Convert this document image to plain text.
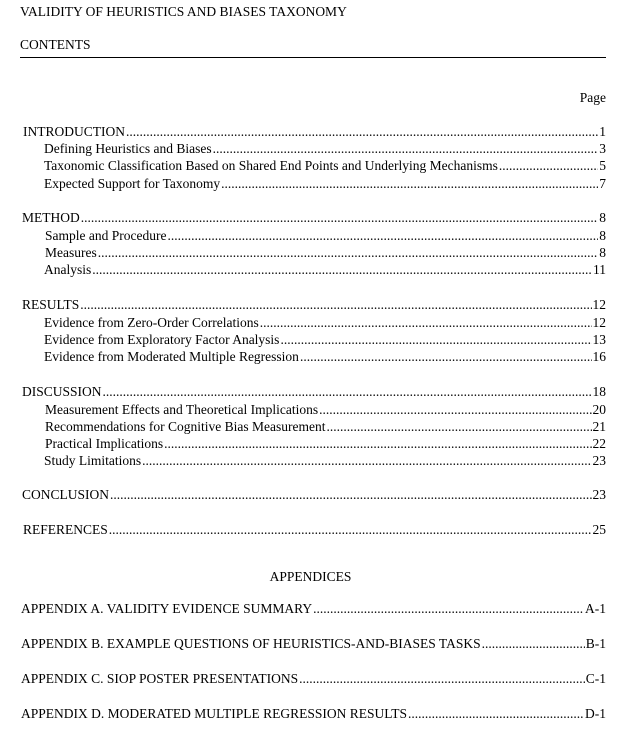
VALIDITY OF HEURISTICS AND BIASES TAXONOMY
CONTENTS
Page
INTRODUCTION .....	1
Defining Heuristics and Biases .....	3
Taxonomic Classification Based on Shared End Points and Underlying Mechanisms .....	5
Expected Support for Taxonomy .....	7
METHOD .....	8
Sample and Procedure .....	8
Measures .....	8
Analysis .....	11
RESULTS .....	12
Evidence from Zero-Order Correlations .....	12
Evidence from Exploratory Factor Analysis .....	13
Evidence from Moderated Multiple Regression .....	16
DISCUSSION .....	18
Measurement Effects and Theoretical Implications .....	20
Recommendations for Cognitive Bias Measurement .....	21
Practical Implications .....	22
Study Limitations .....	23
CONCLUSION .....	23
REFERENCES .....	25
APPENDICES
APPENDIX A. VALIDITY EVIDENCE SUMMARY .....	A-1
APPENDIX B. EXAMPLE QUESTIONS OF HEURISTICS-AND-BIASES TASKS .....	B-1
APPENDIX C. SIOP POSTER PRESENTATIONS .....	C-1
APPENDIX D. MODERATED MULTIPLE REGRESSION RESULTS .....	D-1
